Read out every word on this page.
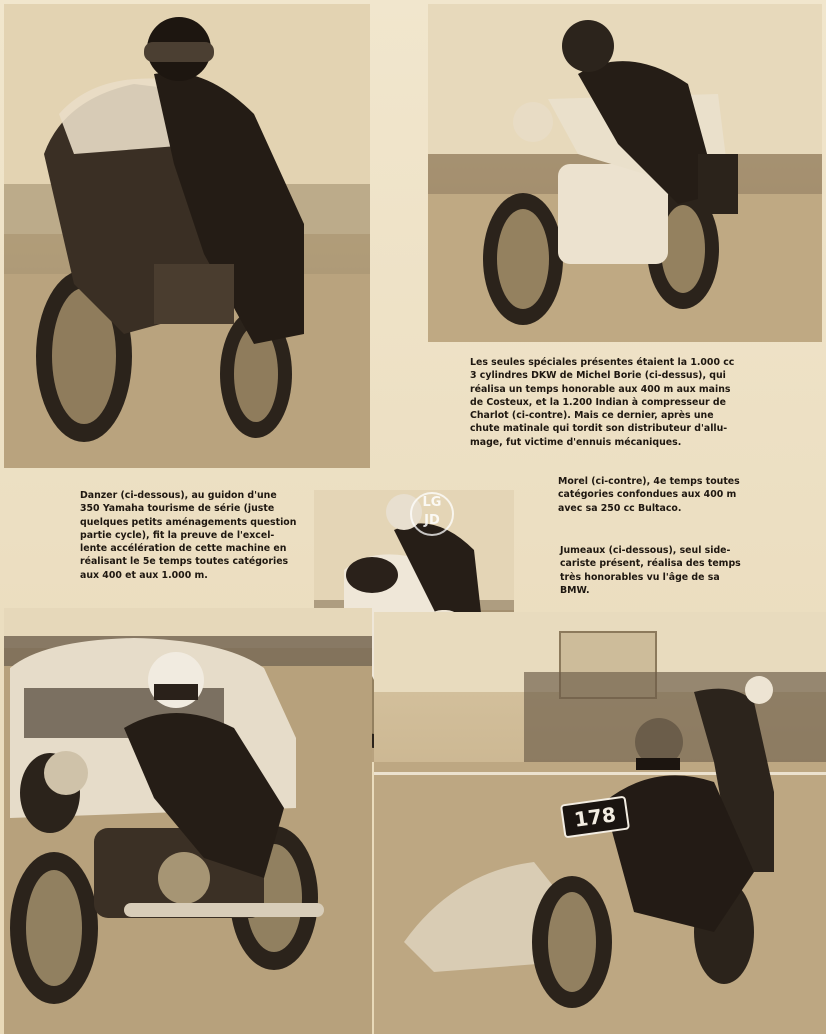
Les seules spéciales présentes étaient la 1.000 cc
3 cylindres DKW de Michel Borie (ci-dessus), qui
réalisa un temps honorable aux 400 m aux mains
de Costeux, et la 1.200 Indian à compresseur de
Charlot (ci-contre). Mais ce dernier, après une
chute matinale qui tordit son distributeur d'allu-
mage, fut victime d'ennuis mécaniques.
Danzer (ci-dessous), au guidon d'une
350 Yamaha tourisme de série (juste
quelques petits aménagements question
partie cycle), fit la preuve de l'excel-
lente accélération de cette machine en
réalisant le 5e temps toutes catégories
aux 400 et aux 1.000 m.
LG
JD
Morel (ci-contre), 4e temps toutes
catégories confondues aux 400 m
avec sa 250 cc Bultaco.
Jumeaux (ci-dessous), seul side-
cariste présent, réalisa des temps
très honorables vu l'âge de sa
BMW.
178
